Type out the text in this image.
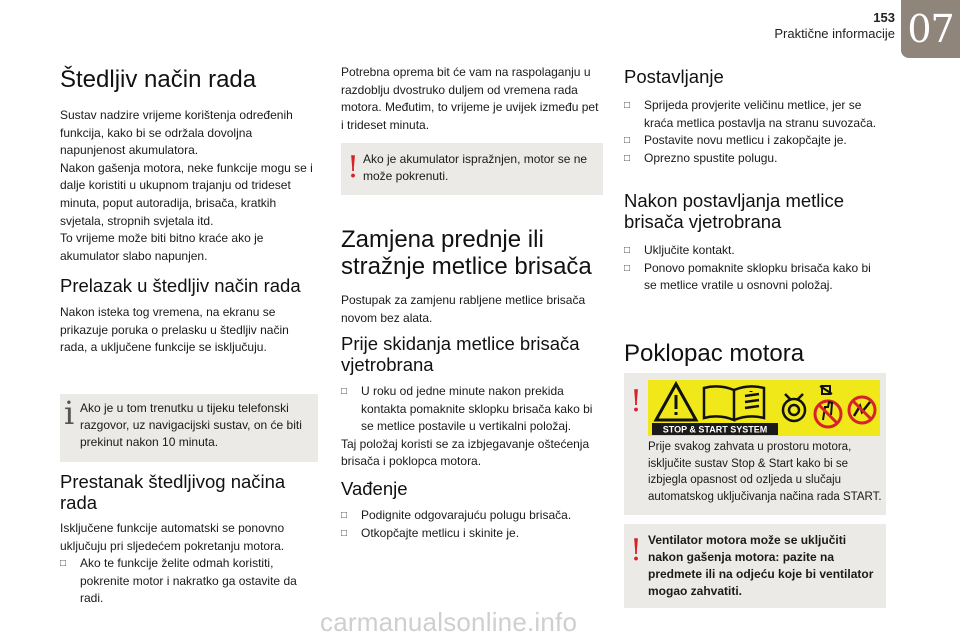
153
Praktične informacije 07
Štedljiv način rada

Sustav nadzire vrijeme korištenja određenih funkcija, kako bi se održala dovoljna napunjenost akumulatora.

Nakon gašenja motora, neke funkcije mogu se i dalje koristiti u ukupnom trajanju od trideset minuta, poput autoradija, brisača, kratkih svjetala, stropnih svjetala itd.

To vrijeme može biti bitno kraće ako je akumulator slabo napunjen.

Prelazak u štedljiv način rada

Nakon isteka tog vremena, na ekranu se prikazuje poruka o prelasku u štedljiv način rada, a uključene funkcije se isključuju.

i Ako je u tom trenutku u tijeku telefonski razgovor, uz navigacijski sustav, on će biti prekinut nakon 10 minuta.
Prestanak štedljivog načina rada

Isključene funkcije automatski se ponovno uključuju pri sljedećem pokretanju motora.

□ Ako te funkcije želite odmah koristiti, pokrenite motor i nakratko ga ostavite da radi.

Potrebna oprema bit će vam na raspolaganju u razdoblju dvostruko duljem od vremena rada motora. Međutim, to vrijeme je uvijek između pet i trideset minuta.

! Ako je akumulator ispražnjen, motor se ne može pokrenuti.
Zamjena prednje ili stražnje metlice brisača

Postupak za zamjenu rabljene metlice brisača novom bez alata.

Prije skidanja metlice brisača vjetrobrana
□ U roku od jedne minute nakon prekida kontakta pomaknite sklopku brisača kako bi se metlice postavile u vertikalni položaj.

Taj položaj koristi se za izbjegavanje oštećenja brisača i poklopca motora.

Vađenje
□ Podignite odgovarajuću polugu brisača.
□ Otkopčajte metlicu i skinite je.
Postavljanje
□ Sprijeda provjerite veličinu metlice, jer se kraća metlica postavlja na stranu suvozača.
□ Postavite novu metlicu i zakopčajte je.
□ Oprezno spustite polugu.
Nakon postavljanja metlice brisača vjetrobrana
□ Uključite kontakt.
□ Ponovo pomaknite sklopku brisača kako bi se metlice vratile u osnovni položaj.
Poklopac motora
!
Prije svakog zahvata u prostoru motora, isključite sustav Stop & Start kako bi se izbjegla opasnost od ozljeda u slučaju automatskog uključivanja načina rada START.
STOP & START SYSTEM
! Ventilator motora može se uključiti nakon gašenja motora: pazite na predmete ili na odjeću koje bi ventilator mogao zahvatiti.
carmanualsonline.info
